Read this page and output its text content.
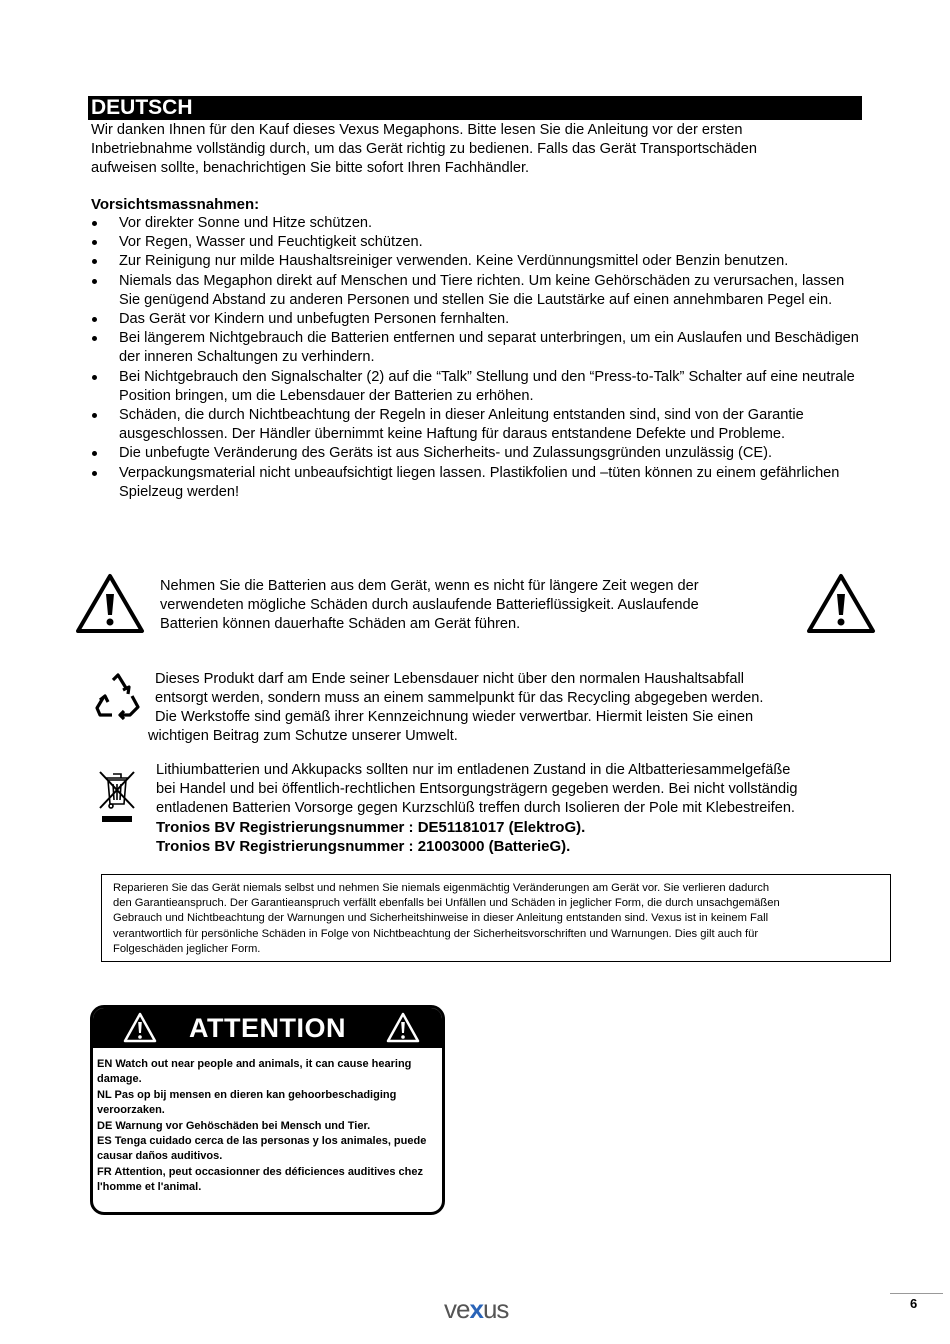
DEUTSCH
Wir danken Ihnen für den Kauf dieses Vexus Megaphons. Bitte lesen Sie die Anleitung vor der ersten
Inbetriebnahme vollständig durch, um das Gerät richtig zu bedienen. Falls das Gerät Transportschäden
aufweisen sollte, benachrichtigen Sie bitte sofort Ihren Fachhändler.
Vorsichtsmassnahmen:
Vor direkter Sonne und Hitze schützen.
Vor Regen, Wasser und Feuchtigkeit schützen.
Zur Reinigung nur milde Haushaltsreiniger verwenden. Keine Verdünnungsmittel oder Benzin benutzen.
Niemals das Megaphon direkt auf Menschen und Tiere richten. Um keine Gehörschäden zu verursachen, lassen Sie genügend Abstand zu anderen Personen und stellen Sie die Lautstärke auf einen annehmbaren Pegel ein.
Das Gerät vor Kindern und unbefugten Personen fernhalten.
Bei längerem Nichtgebrauch die Batterien entfernen und separat unterbringen, um ein Auslaufen und Beschädigen der inneren Schaltungen zu verhindern.
Bei Nichtgebrauch den Signalschalter (2) auf die “Talk” Stellung und den “Press-to-Talk” Schalter auf eine neutrale Position bringen, um die Lebensdauer der Batterien zu erhöhen.
Schäden, die durch Nichtbeachtung der Regeln in dieser Anleitung entstanden sind, sind von der Garantie ausgeschlossen. Der Händler übernimmt keine Haftung für daraus entstandene Defekte und Probleme.
Die unbefugte Veränderung des Geräts ist aus Sicherheits- und Zulassungsgründen unzulässig (CE).
Verpackungsmaterial nicht unbeaufsichtigt liegen lassen. Plastikfolien und –tüten können zu einem gefährlichen Spielzeug werden!
Nehmen Sie die Batterien aus dem Gerät, wenn es nicht für längere Zeit wegen der
verwendeten mögliche Schäden durch auslaufende Batterieflüssigkeit. Auslaufende
Batterien können dauerhafte Schäden am Gerät führen.
Dieses Produkt darf am Ende seiner Lebensdauer nicht über den normalen Haushaltsabfall
entsorgt werden, sondern muss an einem sammelpunkt für das Recycling abgegeben werden.
Die Werkstoffe sind gemäß ihrer Kennzeichnung wieder verwertbar. Hiermit leisten Sie einen
wichtigen Beitrag zum Schutze unserer Umwelt.
Lithiumbatterien und Akkupacks sollten nur im entladenen Zustand in die Altbatteriesammelgefäße
bei Handel und bei öffentlich-rechtlichen Entsorgungsträgern gegeben werden. Bei nicht vollständig
entladenen Batterien Vorsorge gegen Kurzschlüß treffen durch Isolieren der Pole mit Klebestreifen.
Tronios BV Registrierungsnummer : DE51181017 (ElektroG).
Tronios BV Registrierungsnummer : 21003000 (BatterieG).
Reparieren Sie das Gerät niemals selbst und nehmen Sie niemals eigenmächtig Veränderungen am Gerät vor. Sie verlieren dadurch
den Garantieanspruch. Der Garantieanspruch verfällt ebenfalls bei Unfällen und Schäden in jeglicher Form, die durch unsachgemäßen
Gebrauch und Nichtbeachtung der Warnungen und Sicherheitshinweise in dieser Anleitung entstanden sind. Vexus ist in keinem Fall
verantwortlich für persönliche Schäden in Folge von Nichtbeachtung der Sicherheitsvorschriften und Warnungen. Dies gilt auch für
Folgeschäden jeglicher Form.
ATTENTION
EN Watch out near people and animals, it can cause hearing damage.
NL Pas op bij mensen en dieren kan gehoorbeschadiging veroorzaken.
DE Warnung vor Gehöschäden bei Mensch und Tier.
ES Tenga cuidado cerca de las personas y los animales, puede causar daños auditivos.
FR Attention, peut occasionner des déficiences auditives chez l'homme et l'animal.
vexus	6
